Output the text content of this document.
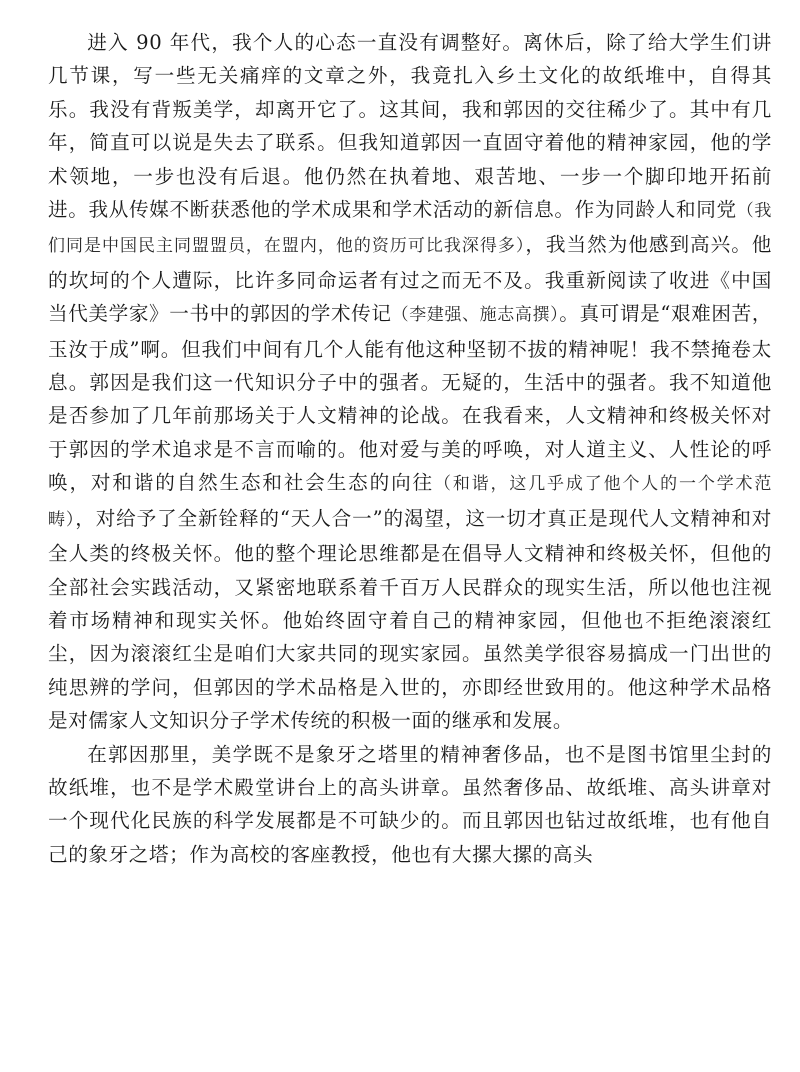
进入 90 年代，我个人的心态一直没有调整好。离休后，除了给大学生们讲几节课，写一些无关痛痒的文章之外，我竟扎入乡土文化的故纸堆中，自得其乐。我没有背叛美学，却离开它了。这其间，我和郭因的交往稀少了。其中有几年，简直可以说是失去了联系。但我知道郭因一直固守着他的精神家园，他的学术领地，一步也没有后退。他仍然在执着地、艰苦地、一步一个脚印地开拓前进。我从传媒不断获悉他的学术成果和学术活动的新信息。作为同龄人和同党（我们同是中国民主同盟盟员，在盟内，他的资历可比我深得多），我当然为他感到高兴。他的坎坷的个人遭际，比许多同命运者有过之而无不及。我重新阅读了收进《中国当代美学家》一书中的郭因的学术传记（李建强、施志高撰）。真可谓是“艰难困苦，玉汝于成”啊。但我们中间有几个人能有他这种坚韧不拔的精神呢！我不禁掩卷太息。郭因是我们这一代知识分子中的强者。无疑的，生活中的强者。我不知道他是否参加了几年前那场关于人文精神的论战。在我看来，人文精神和终极关怀对于郭因的学术追求是不言而喻的。他对爱与美的呼唤，对人道主义、人性论的呼唤，对和谐的自然生态和社会生态的向往（和谐，这几乎成了他个人的一个学术范畴），对给予了全新铨释的“天人合一”的渴望，这一切才真正是现代人文精神和对全人类的终极关怀。他的整个理论思维都是在倡导人文精神和终极关怀，但他的全部社会实践活动，又紧密地联系着千百万人民群众的现实生活，所以他也注视着市场精神和现实关怀。他始终固守着自己的精神家园，但他也不拒绝滚滚红尘，因为滚滚红尘是咱们大家共同的现实家园。虽然美学很容易搞成一门出世的纯思辨的学问，但郭因的学术品格是入世的，亦即经世致用的。他这种学术品格是对儒家人文知识分子学术传统的积极一面的继承和发展。

在郭因那里，美学既不是象牙之塔里的精神奢侈品，也不是图书馆里尘封的故纸堆，也不是学术殿堂讲台上的高头讲章。虽然奢侈品、故纸堆、高头讲章对一个现代化民族的科学发展都是不可缺少的。而且郭因也钻过故纸堆，也有他自己的象牙之塔；作为高校的客座教授，他也有大摞大摞的高头
